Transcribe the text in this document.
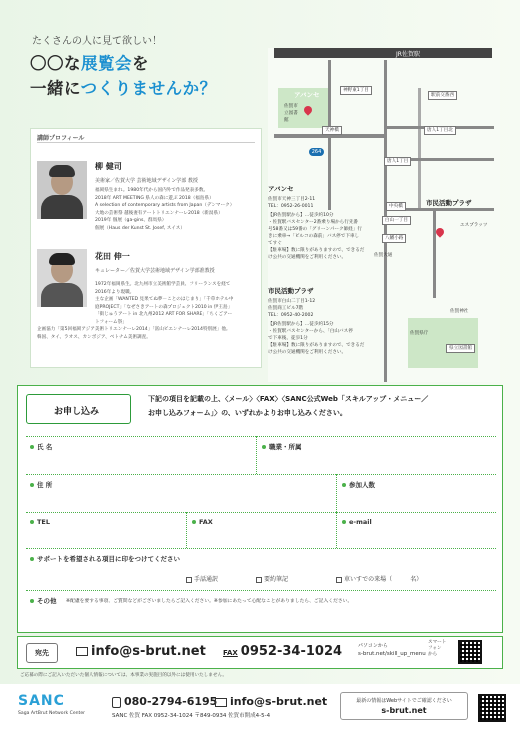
たくさんの人に見て欲しい！
〇〇な展覧会を
一緒につくりませんか？
講師プロフィール
柳 健司
美術家／佐賀大学 芸術地域デザイン学部 教授
福岡県生まれ。1980年代から国内外で作品発表多数。
2018年 ART MEETING 県人の森に遊ぶ 2018（福島県）
A selection of contemporary artists from Japan（デンマーク）
大地の芸術祭 越後妻有アートトリエンナーレ2018（新潟県）
2019年 個展（ga-gins、群馬県）
個展（Haus der Kunst St. Josef, スイス）
花田 伸一
キュレーター／佐賀大学芸術地域デザイン学部准教授
1972年福岡県生。北九州市立美術館学芸員、フリーランスを経て
2016年より現職。
主な企画「WANTED 見果てぬ夢－ことのはじまり」「千草ホテル中
庭PROJECT」「なぜさきアートの森プロジェクト2010 in 伊王島」
「街じゅうアート in 北九州2012 ART FOR SHARE」「ちくごアー
トフォーム祭」
企画協力「第5回福岡アジア美術トリエンナーレ2014」「富山ビエンナーレ2014特別展」他。
韓国、タイ、ラオス、カンボジア、ベトナム美術調査。
JR佐賀駅
264
神野東1丁目
駅前交番西
天神橋	唐人1丁目北
唐人1丁目
中央橋
白山一丁目
八幡小路
佐賀大通
エスプラッツ
佐賀神社
佐賀県庁
県立図書館
佐賀市立図書館
アバンセ
アバンセ
佐賀市天神三丁目2-11
TEL：0952-26-0011
【JR佐賀駅から】…徒歩約10分
・佐賀駅バスセンター2番乗り場から行先番
号58番又は59番の「グリーンパーク師経」行
きに乗車→「ビルコの森前」バス停で下車し
てすぐ
【駐車場】数に限りがありますので、できるだ
け公共の交通機関をご利用ください。
市民活動プラザ
市民活動プラザ
佐賀市白山二丁目1-12
佐賀商工ビル7階
TEL：0952-40-2002
【JR佐賀駅から】…徒歩約15分
・佐賀駅バスセンターから、「白山バス停
で下車後、徒歩1分
【駐車場】数に限りがありますので、できるだ
け公共の交通機関をご利用ください。
お申し込み
下記の項目を記載の上、〈メール〉〈FAX〉〈SANC公式Web「スキルアップ・メニュー／
お申し込みフォーム」〉の、いずれかよりお申し込みください。
氏 名	職業・所属
住 所	参加人数
TEL	FAX	e-mail
サポートを希望される項目に印をつけてください
手話通訳	要約筆記	車いすでの来場（	名）
その他 ※配慮を要する事項、ご質問などがございましたらご記入ください。※参加にあたって心配なことがありましたら、ご記入ください。
宛先	info@s-brut.net FAX 0952-34-1024	パソコンから
s-brut.net/skill_up_menu
スマート
フォン
から
ご応募の際にご記入いただいた個人情報については、本事業の実施目的以外には使用いたしません。
SANC
Saga ArtBrut Network Center
080-2794-6195	info@s-brut.net
SANC 佐賀 FAX 0952-34-1024 〒849-0934 佐賀市開成4-5-4
最新の情報はWebサイトでご確認ください
s-brut.net
